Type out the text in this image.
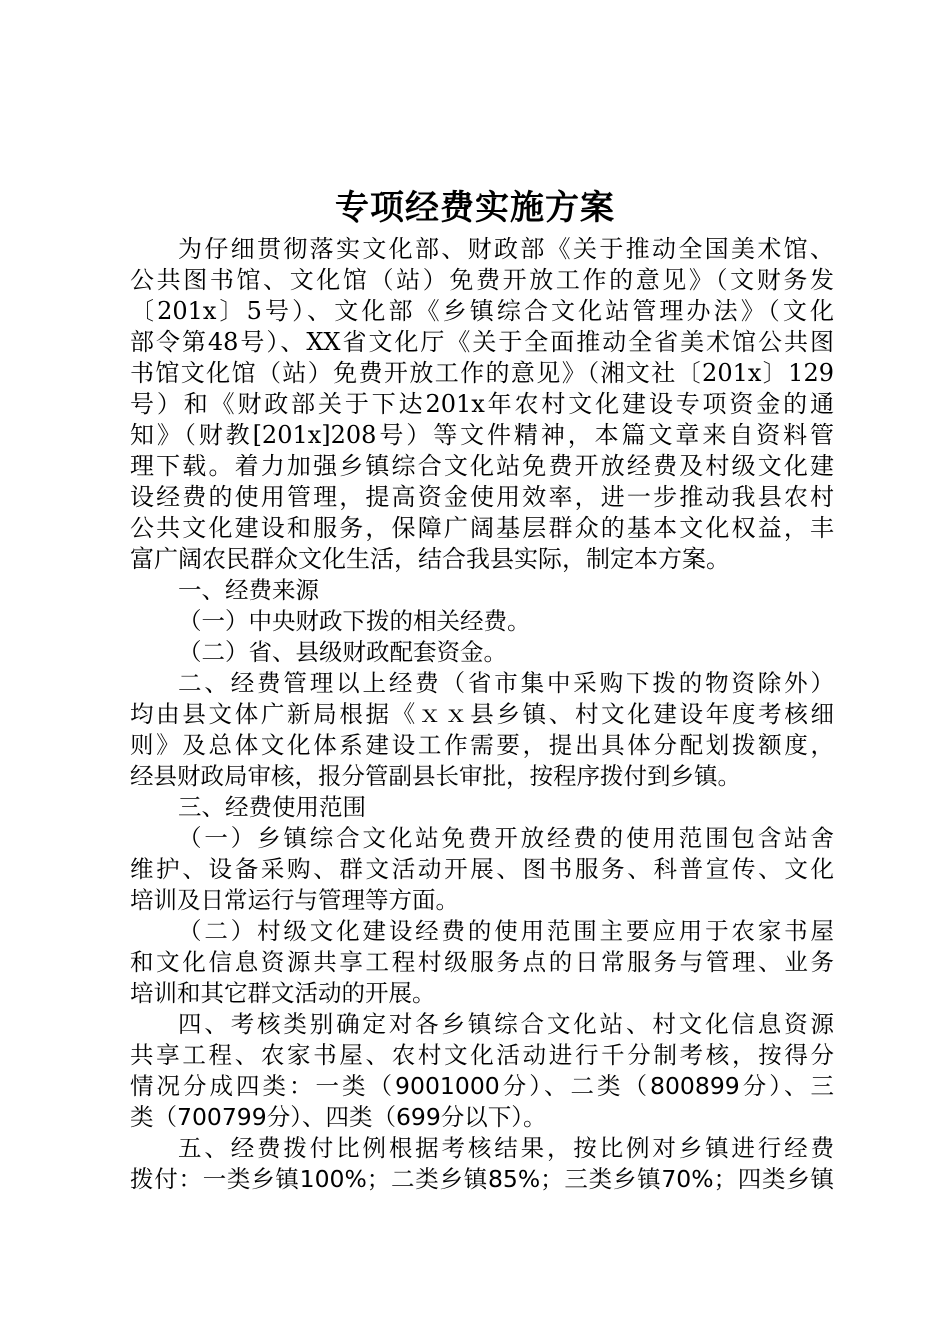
专项经费实施方案
为仔细贯彻落实文化部、财政部《关于推动全国美术馆、
公共图书馆、文化馆（站）免费开放工作的意见》（文财务发
〔201x〕5号）、文化部《乡镇综合文化站管理办法》（文化
部令第48号）、XX省文化厅《关于全面推动全省美术馆公共图
书馆文化馆（站）免费开放工作的意见》（湘文社〔201x〕129
号）和《财政部关于下达201x年农村文化建设专项资金的通
知》（财教[201x]208号）等文件精神，本篇文章来自资料管
理下载。着力加强乡镇综合文化站免费开放经费及村级文化建
设经费的使用管理，提高资金使用效率，进一步推动我县农村
公共文化建设和服务，保障广阔基层群众的基本文化权益，丰
富广阔农民群众文化生活，结合我县实际，制定本方案。
一、经费来源
（一）中央财政下拨的相关经费。
（二）省、县级财政配套资金。
二、经费管理以上经费（省市集中采购下拨的物资除外）
均由县文体广新局根据《ｘｘ县乡镇、村文化建设年度考核细
则》及总体文化体系建设工作需要，提出具体分配划拨额度，
经县财政局审核，报分管副县长审批，按程序拨付到乡镇。
三、经费使用范围
（一）乡镇综合文化站免费开放经费的使用范围包含站舍
维护、设备采购、群文活动开展、图书服务、科普宣传、文化
培训及日常运行与管理等方面。
（二）村级文化建设经费的使用范围主要应用于农家书屋
和文化信息资源共享工程村级服务点的日常服务与管理、业务
培训和其它群文活动的开展。
四、考核类别确定对各乡镇综合文化站、村文化信息资源
共享工程、农家书屋、农村文化活动进行千分制考核，按得分
情况分成四类：一类（9001000分）、二类（800899分）、三
类（700799分）、四类（699分以下）。
五、经费拨付比例根据考核结果，按比例对乡镇进行经费
拨付：一类乡镇100%；二类乡镇85%；三类乡镇70%；四类乡镇
